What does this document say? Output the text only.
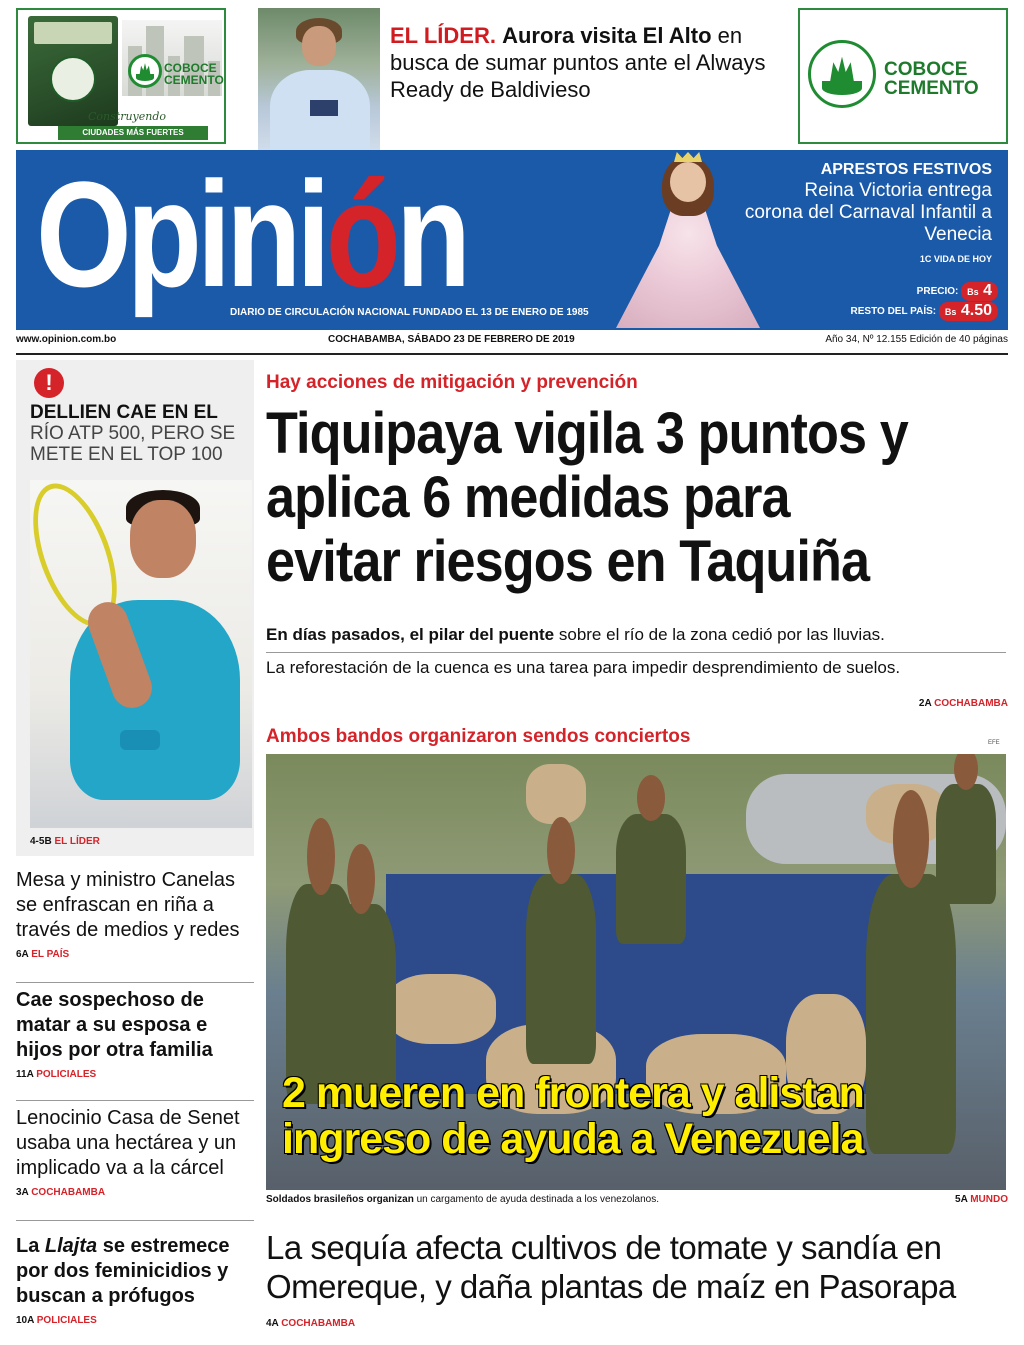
COBOCE
CEMENTO
Construyendo
CIUDADES MÁS FUERTES
EL LÍDER. Aurora visita El Alto en busca de sumar puntos ante el Always Ready de Baldivieso
COBOCE
CEMENTO
Opinión
DIARIO DE CIRCULACIÓN NACIONAL FUNDADO EL 13 DE ENERO DE 1985
APRESTOS FESTIVOS
Reina Victoria entrega corona del Carnaval Infantil a Venecia
1C VIDA DE HOY
PRECIO: Bs 4
RESTO DEL PAÍS: Bs 4.50
www.opinion.com.bo	COCHABAMBA, SÁBADO 23 DE FEBRERO DE 2019	Año 34, Nº 12.155 Edición de 40 páginas
!
DELLIEN CAE EN EL RÍO ATP 500, PERO SE METE EN EL TOP 100
4-5B EL LÍDER
Mesa y ministro Canelas se enfrascan en riña a través de medios y redes
6A EL PAÍS
Cae sospechoso de matar a su esposa e hijos por otra familia
11A POLICIALES
Lenocinio Casa de Senet usaba una hectárea y un implicado va a la cárcel
3A COCHABAMBA
La Llajta se estremece por dos feminicidios y buscan a prófugos
10A POLICIALES
Hay acciones de mitigación y prevención
Tiquipaya vigila 3 puntos y aplica 6 medidas para evitar riesgos en Taquiña
En días pasados, el pilar del puente sobre el río de la zona cedió por las lluvias.
La reforestación de la cuenca es una tarea para impedir desprendimiento de suelos.
2A COCHABAMBA
Ambos bandos organizaron sendos conciertos	EFE
2 mueren en frontera y alistan ingreso de ayuda a Venezuela
Soldados brasileños organizan un cargamento de ayuda destinada a los venezolanos.	5A MUNDO
La sequía afecta cultivos de tomate y sandía en Omereque, y daña plantas de maíz en Pasorapa
4A COCHABAMBA
